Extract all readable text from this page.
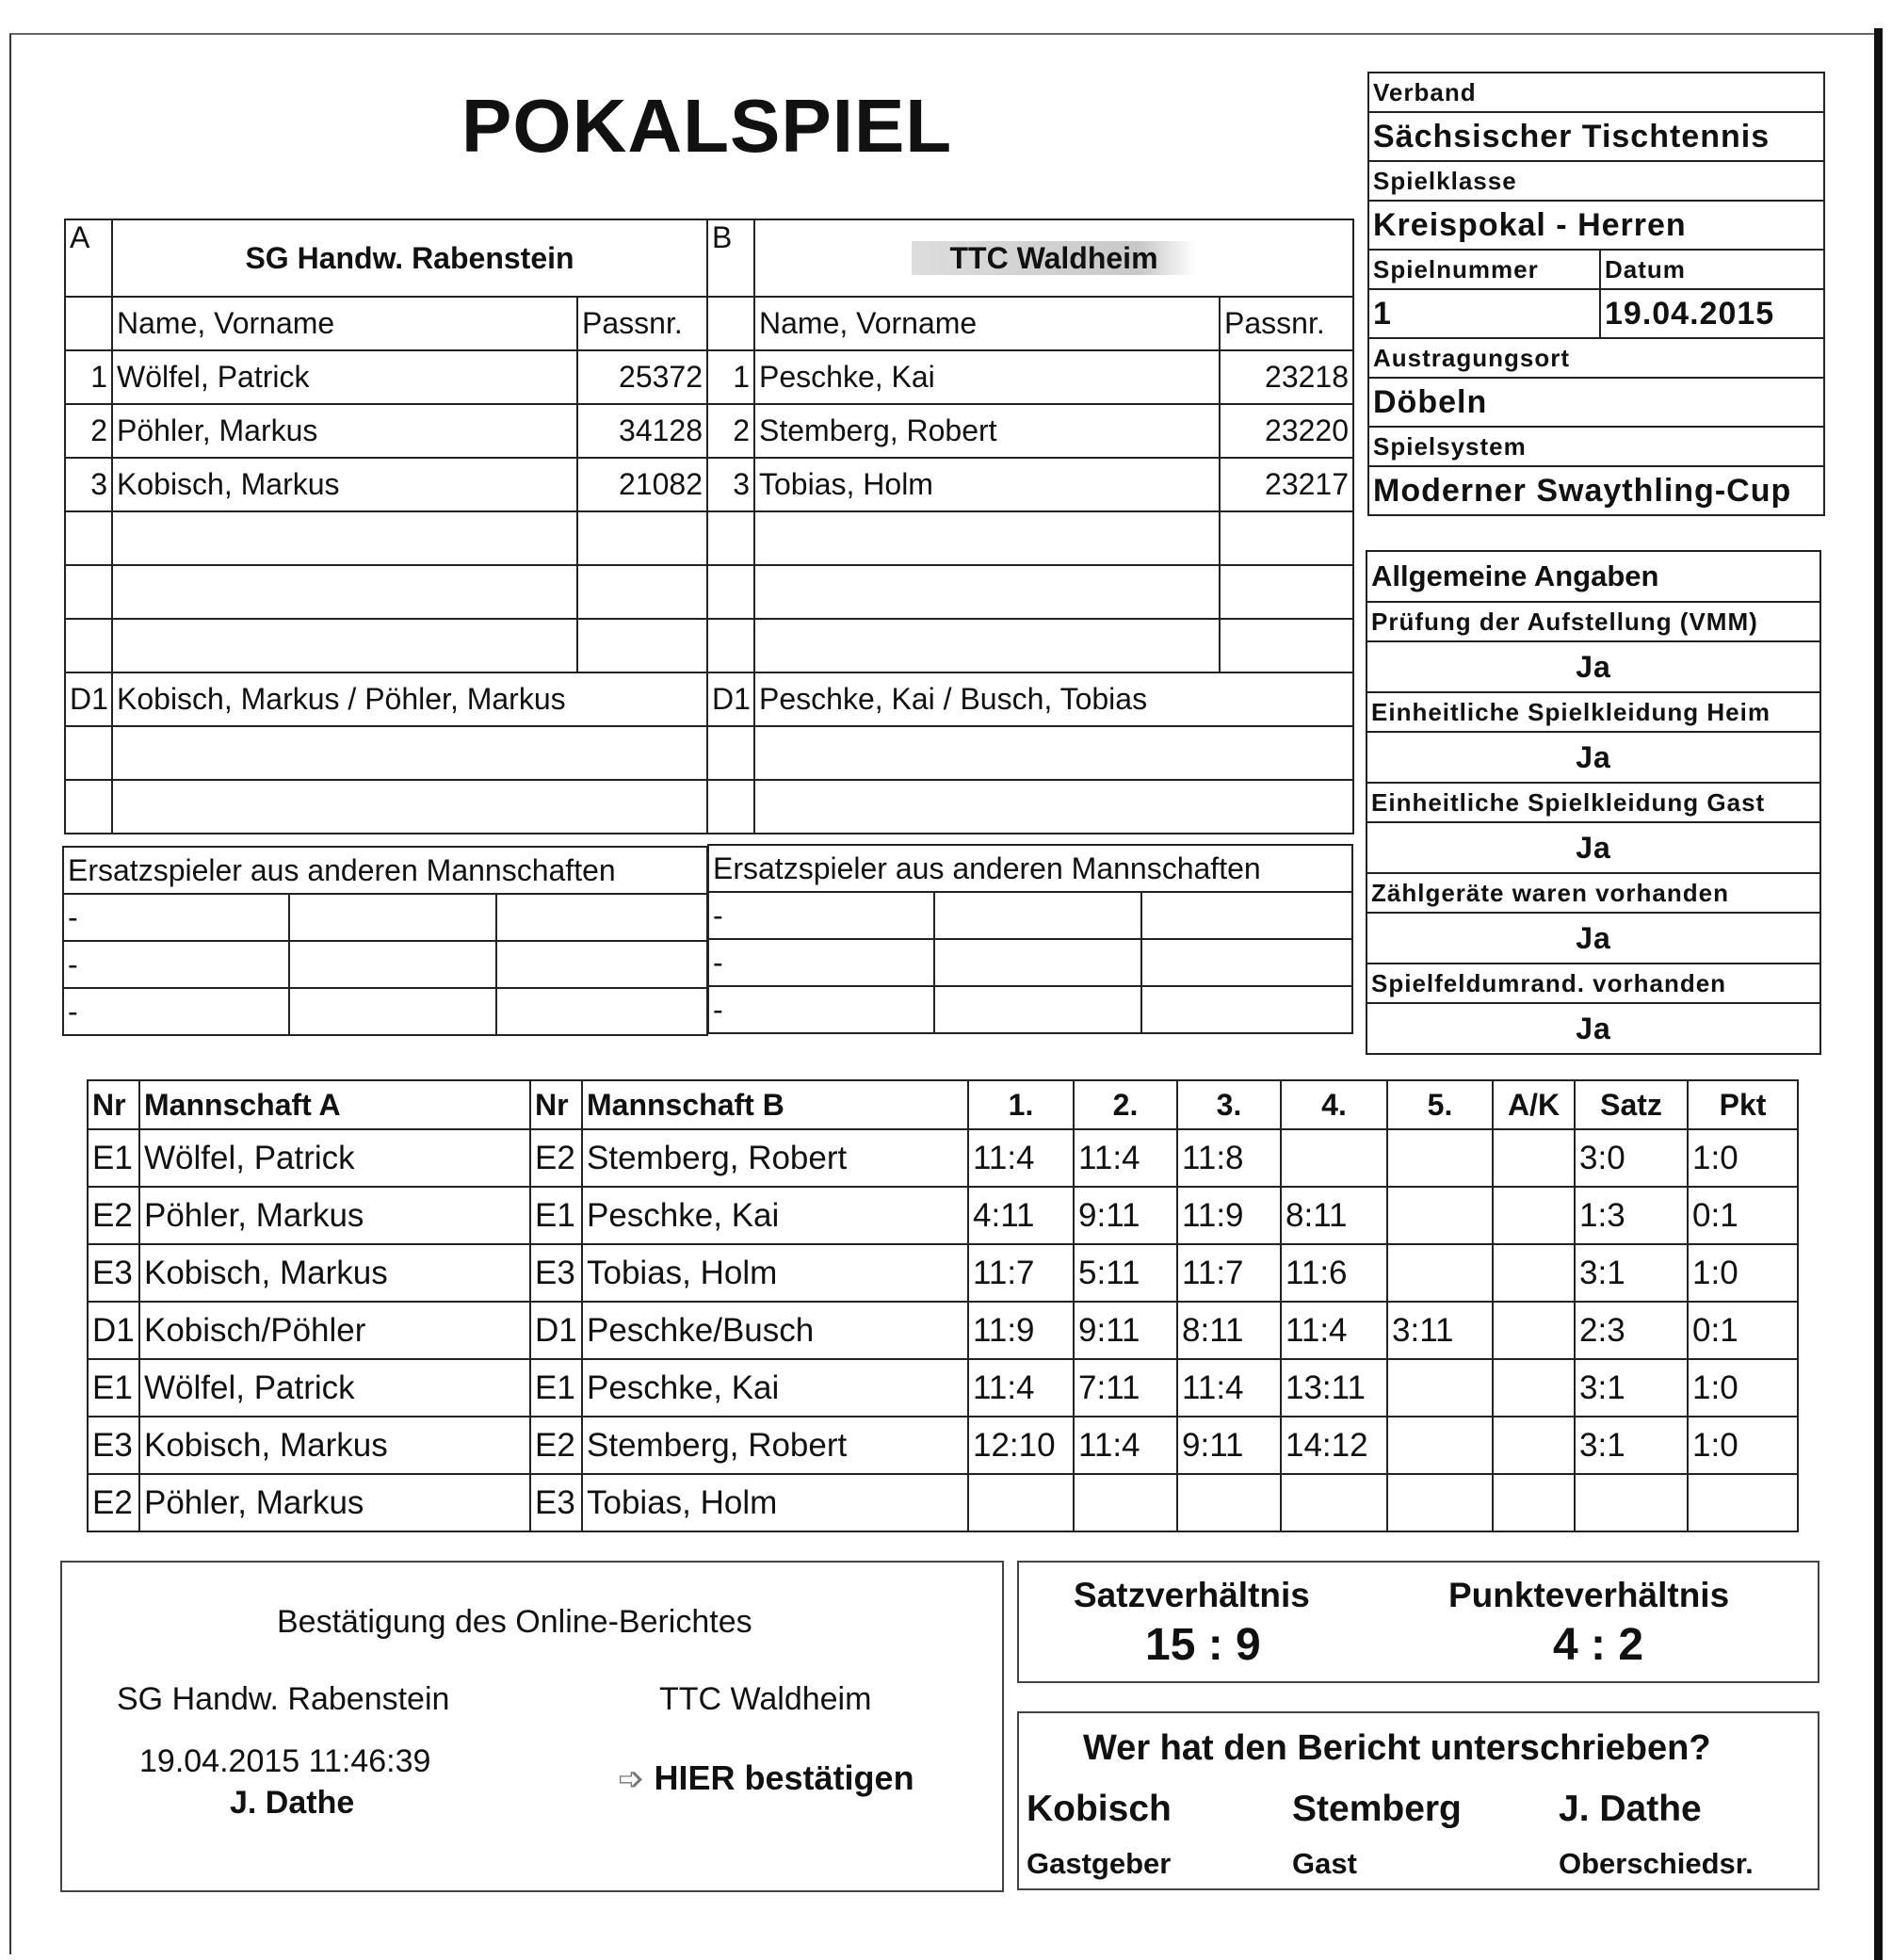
POKALSPIEL
A	SG Handw. Rabenstein		B	TTC Waldheim	
	Name, Vorname	Passnr.		Name, Vorname	Passnr.
1	Wölfel, Patrick	25372	1	Peschke, Kai	23218
2	Pöhler, Markus	34128	2	Stemberg, Robert	23220
3	Kobisch, Markus	21082	3	Tobias, Holm	23217

D1	Kobisch, Markus / Pöhler, Markus		D1	Peschke, Kai / Busch, Tobias	

Ersatzspieler aus anderen Mannschaften		
-		
-		
-		
Ersatzspieler aus anderen Mannschaften		
-		
-		
-		
Verband	
Sächsischer Tischtennis	
Spielklasse	
Kreispokal - Herren	
Spielnummer	Datum
1	19.04.2015
Austragungsort	
Döbeln	
Spielsystem	
Moderner Swaythling-Cup	
Allgemeine Angaben
Prüfung der Aufstellung (VMM)
Ja
Einheitliche Spielkleidung Heim
Ja
Einheitliche Spielkleidung Gast
Ja
Zählgeräte waren vorhanden
Ja
Spielfeldumrand. vorhanden
Ja
Nr	Mannschaft A	Nr	Mannschaft B	1.	2.	3.	4.	5.	A/K	Satz	Pkt
E1	Wölfel, Patrick	E2	Stemberg, Robert	11:4	11:4	11:8				3:0	1:0
E2	Pöhler, Markus	E1	Peschke, Kai	4:11	9:11	11:9	8:11			1:3	0:1
E3	Kobisch, Markus	E3	Tobias, Holm	11:7	5:11	11:7	11:6			3:1	1:0
D1	Kobisch/Pöhler	D1	Peschke/Busch	11:9	9:11	8:11	11:4	3:11		2:3	0:1
E1	Wölfel, Patrick	E1	Peschke, Kai	11:4	7:11	11:4	13:11			3:1	1:0
E3	Kobisch, Markus	E2	Stemberg, Robert	12:10	11:4	9:11	14:12			3:1	1:0
E2	Pöhler, Markus	E3	Tobias, Holm								
Bestätigung des Online-Berichtes
SG Handw. Rabenstein	TTC Waldheim
19.04.2015 11:46:39
J. Dathe
➩ HIER bestätigen
Satzverhältnis
15 : 9
Punkteverhältnis
4 : 2
Wer hat den Bericht unterschrieben?
Kobisch	Stemberg	J. Dathe
Gastgeber	Gast	Oberschiedsr.
